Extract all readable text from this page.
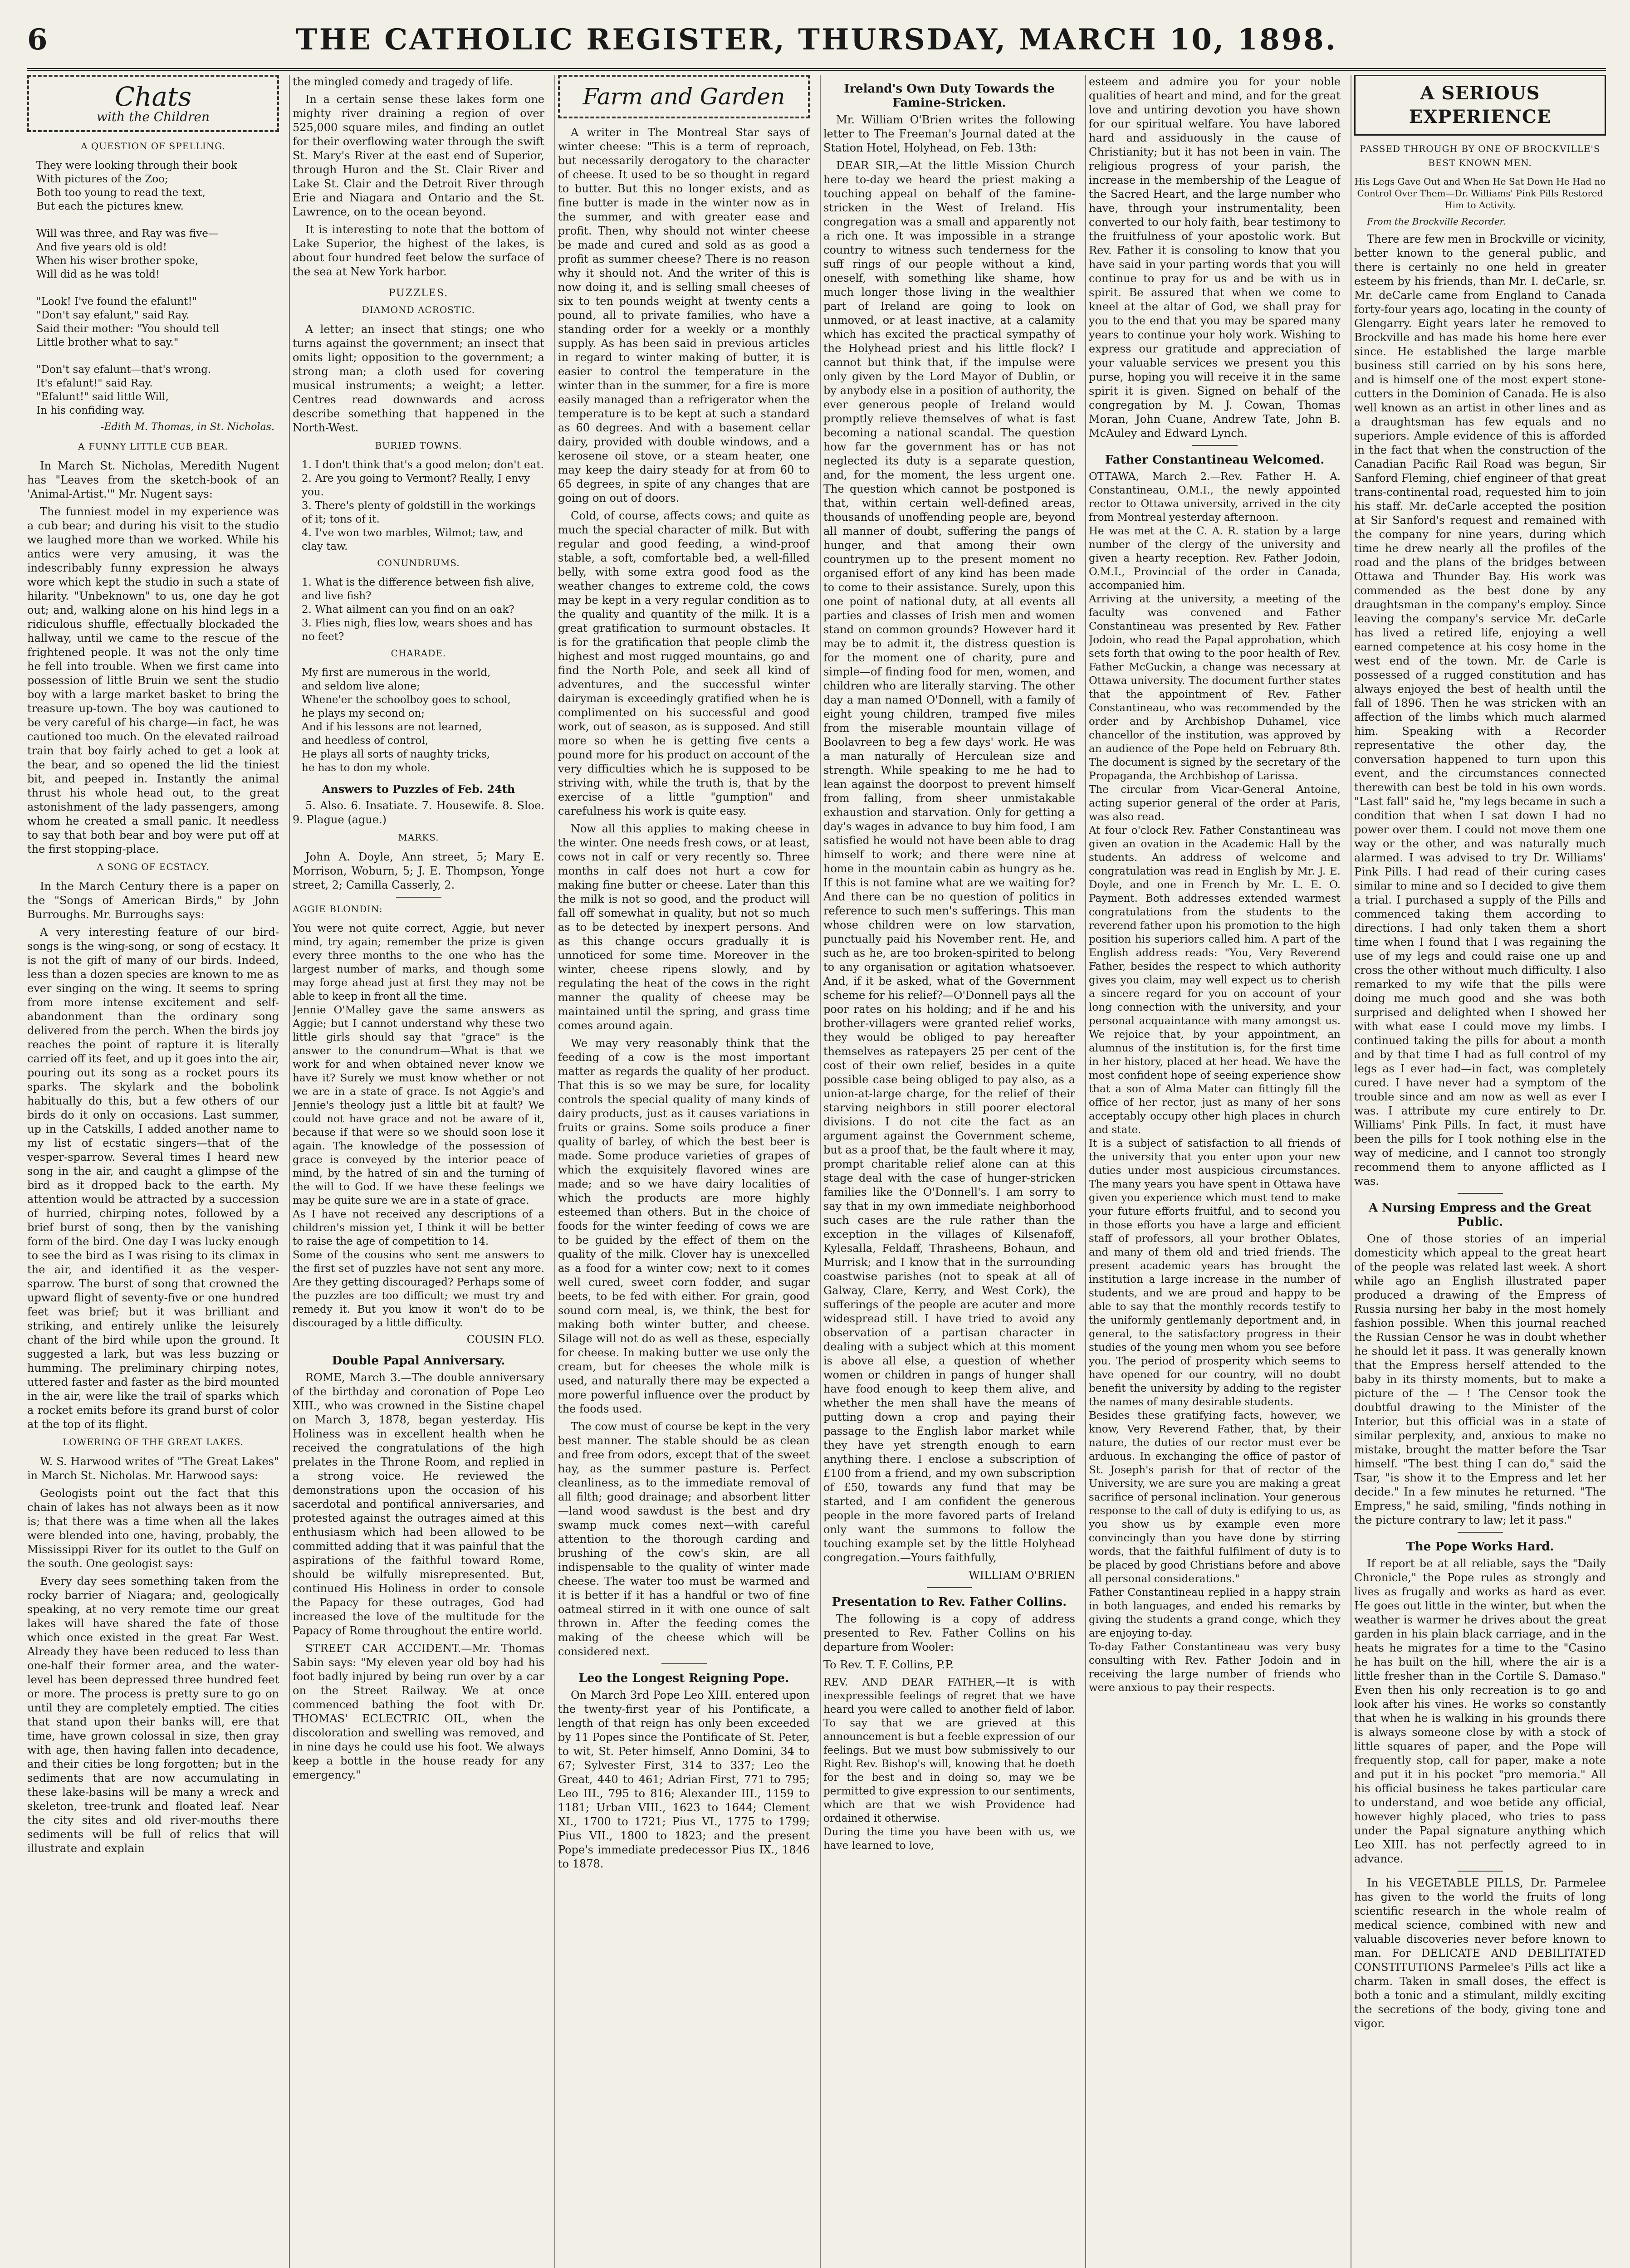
6	THE CATHOLIC REGISTER, THURSDAY, MARCH 10, 1898.
Chats
with the Children
A QUESTION OF SPELLING.
They were looking through their book
With pictures of the Zoo;
Both too young to read the text,
But each the pictures knew.

Will was three, and Ray was five—
And five years old is old!
When his wiser brother spoke,
Will did as he was told!

"Look! I've found the efalunt!"
"Don't say efalunt," said Ray.
Said their mother: "You should tell
Little brother what to say."

"Don't say efalunt—that's wrong.
It's efalunt!" said Ray.
"Efalunt!" said little Will,
In his confiding way.
-Edith M. Thomas, in St. Nicholas.
A FUNNY LITTLE CUB BEAR.

In March St. Nicholas, Meredith Nugent has "Leaves from the sketch-book of an 'Animal-Artist.'" Mr. Nugent says:

The funniest model in my experience was a cub bear; and during his visit to the studio we laughed more than we worked. While his antics were very amusing, it was the indescribably funny expression he always wore which kept the studio in such a state of hilarity. "Unbeknown" to us, one day he got out; and, walking alone on his hind legs in a ridiculous shuffle, effectually blockaded the hallway, until we came to the rescue of the frightened people. It was not the only time he fell into trouble. When we first came into possession of little Bruin we sent the studio boy with a large market basket to bring the treasure up-town. The boy was cautioned to be very careful of his charge—in fact, he was cautioned too much. On the elevated railroad train that boy fairly ached to get a look at the bear, and so opened the lid the tiniest bit, and peeped in. Instantly the animal thrust his whole head out, to the great astonishment of the lady passengers, among whom he created a small panic. It needless to say that both bear and boy were put off at the first stopping-place.

A SONG OF ECSTACY.

In the March Century there is a paper on the "Songs of American Birds," by John Burroughs. Mr. Burroughs says:

A very interesting feature of our bird-songs is the wing-song, or song of ecstacy. It is not the gift of many of our birds. Indeed, less than a dozen species are known to me as ever singing on the wing. It seems to spring from more intense excitement and self-abandonment than the ordinary song delivered from the perch. When the birds joy reaches the point of rapture it is literally carried off its feet, and up it goes into the air, pouring out its song as a rocket pours its sparks. The skylark and the bobolink habitually do this, but a few others of our birds do it only on occasions. Last summer, up in the Catskills, I added another name to my list of ecstatic singers—that of the vesper-sparrow. Several times I heard new song in the air, and caught a glimpse of the bird as it dropped back to the earth. My attention would be attracted by a succession of hurried, chirping notes, followed by a brief burst of song, then by the vanishing form of the bird. One day I was lucky enough to see the bird as I was rising to its climax in the air, and identified it as the vesper-sparrow. The burst of song that crowned the upward flight of seventy-five or one hundred feet was brief; but it was brilliant and striking, and entirely unlike the leisurely chant of the bird while upon the ground. It suggested a lark, but was less buzzing or humming. The preliminary chirping notes, uttered faster and faster as the bird mounted in the air, were like the trail of sparks which a rocket emits before its grand burst of color at the top of its flight.

LOWERING OF THE GREAT LAKES.

W. S. Harwood writes of "The Great Lakes" in March St. Nicholas. Mr. Harwood says:

Geologists point out the fact that this chain of lakes has not always been as it now is; that there was a time when all the lakes were blended into one, having, probably, the Mississippi River for its outlet to the Gulf on the south. One geologist says:

Every day sees something taken from the rocky barrier of Niagara; and, geologically speaking, at no very remote time our great lakes will have shared the fate of those which once existed in the great Far West. Already they have been reduced to less than one-half their former area, and the water-level has been depressed three hundred feet or more. The process is pretty sure to go on until they are completely emptied. The cities that stand upon their banks will, ere that time, have grown colossal in size, then gray with age, then having fallen into decadence, and their cities be long forgotten; but in the sediments that are now accumulating in these lake-basins will be many a wreck and skeleton, tree-trunk and floated leaf. Near the city sites and old river-mouths there sediments will be full of relics that will illustrate and explain

the mingled comedy and tragedy of life.

In a certain sense these lakes form one mighty river draining a region of over 525,000 square miles, and finding an outlet for their overflowing water through the swift St. Mary's River at the east end of Superior, through Huron and the St. Clair River and Lake St. Clair and the Detroit River through Erie and Niagara and Ontario and the St. Lawrence, on to the ocean beyond.

It is interesting to note that the bottom of Lake Superior, the highest of the lakes, is about four hundred feet below the surface of the sea at New York harbor.

PUZZLES.
DIAMOND ACROSTIC.

A letter; an insect that stings; one who turns against the government; an insect that omits light; opposition to the government; a strong man; a cloth used for covering musical instruments; a weight; a letter. Centres read downwards and across describe something that happened in the North-West.

BURIED TOWNS.
1. I don't think that's a good melon; don't eat.
2. Are you going to Vermont? Really, I envy you.
3. There's plenty of goldstill in the workings of it; tons of it.
4. I've won two marbles, Wilmot; taw, and clay taw.
CONUNDRUMS.
1. What is the difference between fish alive, and live fish?
2. What ailment can you find on an oak?
3. Flies nigh, flies low, wears shoes and has no feet?
CHARADE.
My first are numerous in the world,
and seldom live alone;
Whene'er the schoolboy goes to school,
he plays my second on;
And if his lessons are not learned,
and heedless of control,
He plays all sorts of naughty tricks,
he has to don my whole.
Answers to Puzzles of Feb. 24th

5. Also. 6. Insatiate. 7. Housewife. 8. Sloe. 9. Plague (ague.)

MARKS.

John A. Doyle, Ann street, 5; Mary E. Morrison, Woburn, 5; J. E. Thompson, Yonge street, 2; Camilla Casserly, 2.

AGGIE BLONDIN:
You were not quite correct, Aggie, but never mind, try again; remember the prize is given every three months to the one who has the largest number of marks, and though some may forge ahead just at first they may not be able to keep in front all the time.
Jennie O'Malley gave the same answers as Aggie; but I cannot understand why these two little girls should say that "grace" is the answer to the conundrum—What is that we work for and when obtained never know we have it? Surely we must know whether or not we are in a state of grace. Is not Aggie's and Jennie's theology just a little bit at fault? We could not have grace and not be aware of it, because if that were so we should soon lose it again. The knowledge of the possession of grace is conveyed by the interior peace of mind, by the hatred of sin and the turning of the will to God. If we have these feelings we may be quite sure we are in a state of grace.
As I have not received any descriptions of a children's mission yet, I think it will be better to raise the age of competition to 14.
Some of the cousins who sent me answers to the first set of puzzles have not sent any more. Are they getting discouraged? Perhaps some of the puzzles are too difficult; we must try and remedy it. But you know it won't do to be discouraged by a little difficulty.
COUSIN FLO.
Double Papal Anniversary.

ROME, March 3.—The double anniversary of the birthday and coronation of Pope Leo XIII., who was crowned in the Sistine chapel on March 3, 1878, began yesterday. His Holiness was in excellent health when he received the congratulations of the high prelates in the Throne Room, and replied in a strong voice. He reviewed the demonstrations upon the occasion of his sacerdotal and pontifical anniversaries, and protested against the outrages aimed at this enthusiasm which had been allowed to be committed adding that it was painful that the aspirations of the faithful toward Rome, should be wilfully misrepresented. But, continued His Holiness in order to console the Papacy for these outrages, God had increased the love of the multitude for the Papacy of Rome throughout the entire world.

STREET CAR ACCIDENT.—Mr. Thomas Sabin says: "My eleven year old boy had his foot badly injured by being run over by a car on the Street Railway. We at once commenced bathing the foot with Dr. THOMAS' ECLECTRIC OIL, when the discoloration and swelling was removed, and in nine days he could use his foot. We always keep a bottle in the house ready for any emergency."

Farm and Garden

A writer in The Montreal Star says of winter cheese: "This is a term of reproach, but necessarily derogatory to the character of cheese. It used to be so thought in regard to butter. But this no longer exists, and as fine butter is made in the winter now as in the summer, and with greater ease and profit. Then, why should not winter cheese be made and cured and sold as as good a profit as summer cheese? There is no reason why it should not. And the writer of this is now doing it, and is selling small cheeses of six to ten pounds weight at twenty cents a pound, all to private families, who have a standing order for a weekly or a monthly supply. As has been said in previous articles in regard to winter making of butter, it is easier to control the temperature in the winter than in the summer, for a fire is more easily managed than a refrigerator when the temperature is to be kept at such a standard as 60 degrees. And with a basement cellar dairy, provided with double windows, and a kerosene oil stove, or a steam heater, one may keep the dairy steady for at from 60 to 65 degrees, in spite of any changes that are going on out of doors.

Cold, of course, affects cows; and quite as much the special character of milk. But with regular and good feeding, a wind-proof stable, a soft, comfortable bed, a well-filled belly, with some extra good food as the weather changes to extreme cold, the cows may be kept in a very regular condition as to the quality and quantity of the milk. It is a great gratification to surmount obstacles. It is for the gratification that people climb the highest and most rugged mountains, go and find the North Pole, and seek all kind of adventures, and the successful winter dairyman is exceedingly gratified when he is complimented on his successful and good work, out of season, as is supposed. And still more so when he is getting five cents a pound more for his product on account of the very difficulties which he is supposed to be striving with, while the truth is, that by the exercise of a little "gumption" and carefulness his work is quite easy.

Now all this applies to making cheese in the winter. One needs fresh cows, or at least, cows not in calf or very recently so. Three months in calf does not hurt a cow for making fine butter or cheese. Later than this the milk is not so good, and the product will fall off somewhat in quality, but not so much as to be detected by inexpert persons. And as this change occurs gradually it is unnoticed for some time. Moreover in the winter, cheese ripens slowly, and by regulating the heat of the cows in the right manner the quality of cheese may be maintained until the spring, and grass time comes around again.

We may very reasonably think that the feeding of a cow is the most important matter as regards the quality of her product. That this is so we may be sure, for locality controls the special quality of many kinds of dairy products, just as it causes variations in fruits or grains. Some soils produce a finer quality of barley, of which the best beer is made. Some produce varieties of grapes of which the exquisitely flavored wines are made; and so we have dairy localities of which the products are more highly esteemed than others. But in the choice of foods for the winter feeding of cows we are to be guided by the effect of them on the quality of the milk. Clover hay is unexcelled as a food for a winter cow; next to it comes well cured, sweet corn fodder, and sugar beets, to be fed with either. For grain, good sound corn meal, is, we think, the best for making both winter butter, and cheese. Silage will not do as well as these, especially for cheese. In making butter we use only the cream, but for cheeses the whole milk is used, and naturally there may be expected a more powerful influence over the product by the foods used.

The cow must of course be kept in the very best manner. The stable should be as clean and free from odors, except that of the sweet hay, as the summer pasture is. Perfect cleanliness, as to the immediate removal of all filth; good drainage; and absorbent litter—land wood sawdust is the best and dry swamp muck comes next—with careful attention to the thorough carding and brushing of the cow's skin, are all indispensable to the quality of winter made cheese. The water too must be warmed and it is better if it has a handful or two of fine oatmeal stirred in it with one ounce of salt thrown in. After the feeding comes the making of the cheese which will be considered next.

Leo the Longest Reigning Pope.

On March 3rd Pope Leo XIII. entered upon the twenty-first year of his Pontificate, a length of that reign has only been exceeded by 11 Popes since the Pontificate of St. Peter, to wit, St. Peter himself, Anno Domini, 34 to 67; Sylvester First, 314 to 337; Leo the Great, 440 to 461; Adrian First, 771 to 795; Leo III., 795 to 816; Alexander III., 1159 to 1181; Urban VIII., 1623 to 1644; Clement XI., 1700 to 1721; Pius VI., 1775 to 1799; Pius VII., 1800 to 1823; and the present Pope's immediate predecessor Pius IX., 1846 to 1878.

Ireland's Own Duty Towards the Famine-Stricken.

Mr. William O'Brien writes the following letter to The Freeman's Journal dated at the Station Hotel, Holyhead, on Feb. 13th:

DEAR SIR,—At the little Mission Church here to-day we heard the priest making a touching appeal on behalf of the famine-stricken in the West of Ireland. His congregation was a small and apparently not a rich one. It was impossible in a strange country to witness such tenderness for the suff rings of our people without a kind, oneself, with something like shame, how much longer those living in the wealthier part of Ireland are going to look on unmoved, or at least inactive, at a calamity which has excited the practical sympathy of the Holyhead priest and his little flock? I cannot but think that, if the impulse were only given by the Lord Mayor of Dublin, or by anybody else in a position of authority, the ever generous people of Ireland would promptly relieve themselves of what is fast becoming a national scandal. The question how far the government has or has not neglected its duty is a separate question, and, for the moment, the less urgent one. The question which cannot be postponed is that, within certain well-defined areas, thousands of unoffending people are, beyond all manner of doubt, suffering the pangs of hunger, and that among their own countrymen up to the present moment no organised effort of any kind has been made to come to their assistance. Surely, upon this one point of national duty, at all events all parties and classes of Irish men and women stand on common grounds? However hard it may be to admit it, the distress question is for the moment one of charity, pure and simple—of finding food for men, women, and children who are literally starving. The other day a man named O'Donnell, with a family of eight young children, tramped five miles from the miserable mountain village of Boolavreen to beg a few days' work. He was a man naturally of Herculean size and strength. While speaking to me he had to lean against the doorpost to prevent himself from falling, from sheer unmistakable exhaustion and starvation. Only for getting a day's wages in advance to buy him food, I am satisfied he would not have been able to drag himself to work; and there were nine at home in the mountain cabin as hungry as he. If this is not famine what are we waiting for? And there can be no question of politics in reference to such men's sufferings. This man whose children were on low starvation, punctually paid his November rent. He, and such as he, are too broken-spirited to belong to any organisation or agitation whatsoever. And, if it be asked, what of the Government scheme for his relief?—O'Donnell pays all the poor rates on his holding; and if he and his brother-villagers were granted relief works, they would be obliged to pay hereafter themselves as ratepayers 25 per cent of the cost of their own relief, besides in a quite possible case being obliged to pay also, as a union-at-large charge, for the relief of their starving neighbors in still poorer electoral divisions. I do not cite the fact as an argument against the Government scheme, but as a proof that, be the fault where it may, prompt charitable relief alone can at this stage deal with the case of hunger-stricken families like the O'Donnell's. I am sorry to say that in my own immediate neighborhood such cases are the rule rather than the exception in the villages of Kilsenafoff, Kylesalla, Feldaff, Thrasheens, Bohaun, and Murrisk; and I know that in the surrounding coastwise parishes (not to speak at all of Galway, Clare, Kerry, and West Cork), the sufferings of the people are acuter and more widespread still. I have tried to avoid any observation of a partisan character in dealing with a subject which at this moment is above all else, a question of whether women or children in pangs of hunger shall have food enough to keep them alive, and whether the men shall have the means of putting down a crop and paying their passage to the English labor market while they have yet strength enough to earn anything there. I enclose a subscription of £100 from a friend, and my own subscription of £50, towards any fund that may be started, and I am confident the generous people in the more favored parts of Ireland only want the summons to follow the touching example set by the little Holyhead congregation.—Yours faithfully,

WILLIAM O'BRIEN
Presentation to Rev. Father Collins.

The following is a copy of address presented to Rev. Father Collins on his departure from Wooler:

To Rev. T. F. Collins, P.P.

REV. AND DEAR FATHER,—It is with inexpressible feelings of regret that we have heard you were called to another field of labor. To say that we are grieved at this announcement is but a feeble expression of our feelings. But we must bow submissively to our Right Rev. Bishop's will, knowing that he doeth for the best and in doing so, may we be permitted to give expression to our sentiments, which are that we wish Providence had ordained it otherwise.
During the time you have been with us, we have learned to love,

esteem and admire you for your noble qualities of heart and mind, and for the great love and untiring devotion you have shown for our spiritual welfare. You have labored hard and assiduously in the cause of Christianity; but it has not been in vain. The religious progress of your parish, the increase in the membership of the League of the Sacred Heart, and the large number who have, through your instrumentality, been converted to our holy faith, bear testimony to the fruitfulness of your apostolic work. But Rev. Father it is consoling to know that you have said in your parting words that you will continue to pray for us and be with us in spirit. Be assured that when we come to kneel at the altar of God, we shall pray for you to the end that you may be spared many years to continue your holy work. Wishing to express our gratitude and appreciation of your valuable services we present you this purse, hoping you will receive it in the same spirit it is given. Signed on behalf of the congregation by M. J. Cowan, Thomas Moran, John Cuane, Andrew Tate, John B. McAuley and Edward Lynch.

Father Constantineau Welcomed.
OTTAWA, March 2.—Rev. Father H. A. Constantineau, O.M.I., the newly appointed rector to Ottawa university, arrived in the city from Montreal yesterday afternoon.
He was met at the C. A. R. station by a large number of the clergy of the university and given a hearty reception. Rev. Father Jodoin, O.M.I., Provincial of the order in Canada, accompanied him.
Arriving at the university, a meeting of the faculty was convened and Father Constantineau was presented by Rev. Father Jodoin, who read the Papal approbation, which sets forth that owing to the poor health of Rev. Father McGuckin, a change was necessary at Ottawa university. The document further states that the appointment of Rev. Father Constantineau, who was recommended by the order and by Archbishop Duhamel, vice chancellor of the institution, was approved by an audience of the Pope held on February 8th. The document is signed by the secretary of the Propaganda, the Archbishop of Larissa.
The circular from Vicar-General Antoine, acting superior general of the order at Paris, was also read.
At four o'clock Rev. Father Constantineau was given an ovation in the Academic Hall by the students. An address of welcome and congratulation was read in English by Mr. J. E. Doyle, and one in French by Mr. L. E. O. Payment. Both addresses extended warmest congratulations from the students to the reverend father upon his promotion to the high position his superiors called him. A part of the English address reads: "You, Very Reverend Father, besides the respect to which authority gives you claim, may well expect us to cherish a sincere regard for you on account of your long connection with the university, and your personal acquaintance with many amongst us. We rejoice that, by your appointment, an alumnus of the institution is, for the first time in her history, placed at her head. We have the most confident hope of seeing experience show that a son of Alma Mater can fittingly fill the office of her rector, just as many of her sons acceptably occupy other high places in church and state.
It is a subject of satisfaction to all friends of the university that you enter upon your new duties under most auspicious circumstances. The many years you have spent in Ottawa have given you experience which must tend to make your future efforts fruitful, and to second you in those efforts you have a large and efficient staff of professors, all your brother Oblates, and many of them old and tried friends. The present academic years has brought the institution a large increase in the number of students, and we are proud and happy to be able to say that the monthly records testify to the uniformly gentlemanly deportment and, in general, to the satisfactory progress in their studies of the young men whom you see before you. The period of prosperity which seems to have opened for our country, will no doubt benefit the university by adding to the register the names of many desirable students.
Besides these gratifying facts, however, we know, Very Reverend Father, that, by their nature, the duties of our rector must ever be arduous. In exchanging the office of pastor of St. Joseph's parish for that of rector of the University, we are sure you are making a great sacrifice of personal inclination. Your generous response to the call of duty is edifying to us, as you show us by example even more convincingly than you have done by stirring words, that the faithful fulfilment of duty is to be placed by good Christians before and above all personal considerations."
Father Constantineau replied in a happy strain in both languages, and ended his remarks by giving the students a grand conge, which they are enjoying to-day.
To-day Father Constantineau was very busy consulting with Rev. Father Jodoin and in receiving the large number of friends who were anxious to pay their respects.
A SERIOUS EXPERIENCE
PASSED THROUGH BY ONE OF BROCKVILLE'S BEST KNOWN MEN.

His Legs Gave Out and When He Sat Down He Had no Control Over Them—Dr. Williams' Pink Pills Restored Him to Activity.

From the Brockville Recorder.

There are few men in Brockville or vicinity, better known to the general public, and there is certainly no one held in greater esteem by his friends, than Mr. I. deCarle, sr. Mr. deCarle came from England to Canada forty-four years ago, locating in the county of Glengarry. Eight years later he removed to Brockville and has made his home here ever since. He established the large marble business still carried on by his sons here, and is himself one of the most expert stone-cutters in the Dominion of Canada. He is also well known as an artist in other lines and as a draughtsman has few equals and no superiors. Ample evidence of this is afforded in the fact that when the construction of the Canadian Pacific Rail Road was begun, Sir Sanford Fleming, chief engineer of that great trans-continental road, requested him to join his staff. Mr. deCarle accepted the position at Sir Sanford's request and remained with the company for nine years, during which time he drew nearly all the profiles of the road and the plans of the bridges between Ottawa and Thunder Bay. His work was commended as the best done by any draughtsman in the company's employ. Since leaving the company's service Mr. deCarle has lived a retired life, enjoying a well earned competence at his cosy home in the west end of the town. Mr. de Carle is possessed of a rugged constitution and has always enjoyed the best of health until the fall of 1896. Then he was stricken with an affection of the limbs which much alarmed him. Speaking with a Recorder representative the other day, the conversation happened to turn upon this event, and the circumstances connected therewith can best be told in his own words. "Last fall" said he, "my legs became in such a condition that when I sat down I had no power over them. I could not move them one way or the other, and was naturally much alarmed. I was advised to try Dr. Williams' Pink Pills. I had read of their curing cases similar to mine and so I decided to give them a trial. I purchased a supply of the Pills and commenced taking them according to directions. I had only taken them a short time when I found that I was regaining the use of my legs and could raise one up and cross the other without much difficulty. I also remarked to my wife that the pills were doing me much good and she was both surprised and delighted when I showed her with what ease I could move my limbs. I continued taking the pills for about a month and by that time I had as full control of my legs as I ever had—in fact, was completely cured. I have never had a symptom of the trouble since and am now as well as ever I was. I attribute my cure entirely to Dr. Williams' Pink Pills. In fact, it must have been the pills for I took nothing else in the way of medicine, and I cannot too strongly recommend them to anyone afflicted as I was.

A Nursing Empress and the Great Public.

One of those stories of an imperial domesticity which appeal to the great heart of the people was related last week. A short while ago an English illustrated paper produced a drawing of the Empress of Russia nursing her baby in the most homely fashion possible. When this journal reached the Russian Censor he was in doubt whether he should let it pass. It was generally known that the Empress herself attended to the baby in its thirsty moments, but to make a picture of the — ! The Censor took the doubtful drawing to the Minister of the Interior, but this official was in a state of similar perplexity, and, anxious to make no mistake, brought the matter before the Tsar himself. "The best thing I can do," said the Tsar, "is show it to the Empress and let her decide." In a few minutes he returned. "The Empress," he said, smiling, "finds nothing in the picture contrary to law; let it pass."

The Pope Works Hard.

If report be at all reliable, says the "Daily Chronicle," the Pope rules as strongly and lives as frugally and works as hard as ever. He goes out little in the winter, but when the weather is warmer he drives about the great garden in his plain black carriage, and in the heats he migrates for a time to the "Casino he has built on the hill, where the air is a little fresher than in the Cortile S. Damaso." Even then his only recreation is to go and look after his vines. He works so constantly that when he is walking in his grounds there is always someone close by with a stock of little squares of paper, and the Pope will frequently stop, call for paper, make a note and put it in his pocket "pro memoria." All his official business he takes particular care to understand, and woe betide any official, however highly placed, who tries to pass under the Papal signature anything which Leo XIII. has not perfectly agreed to in advance.

In his VEGETABLE PILLS, Dr. Parmelee has given to the world the fruits of long scientific research in the whole realm of medical science, combined with new and valuable discoveries never before known to man. For DELICATE AND DEBILITATED CONSTITUTIONS Parmelee's Pills act like a charm. Taken in small doses, the effect is both a tonic and a stimulant, mildly exciting the secretions of the body, giving tone and vigor.
